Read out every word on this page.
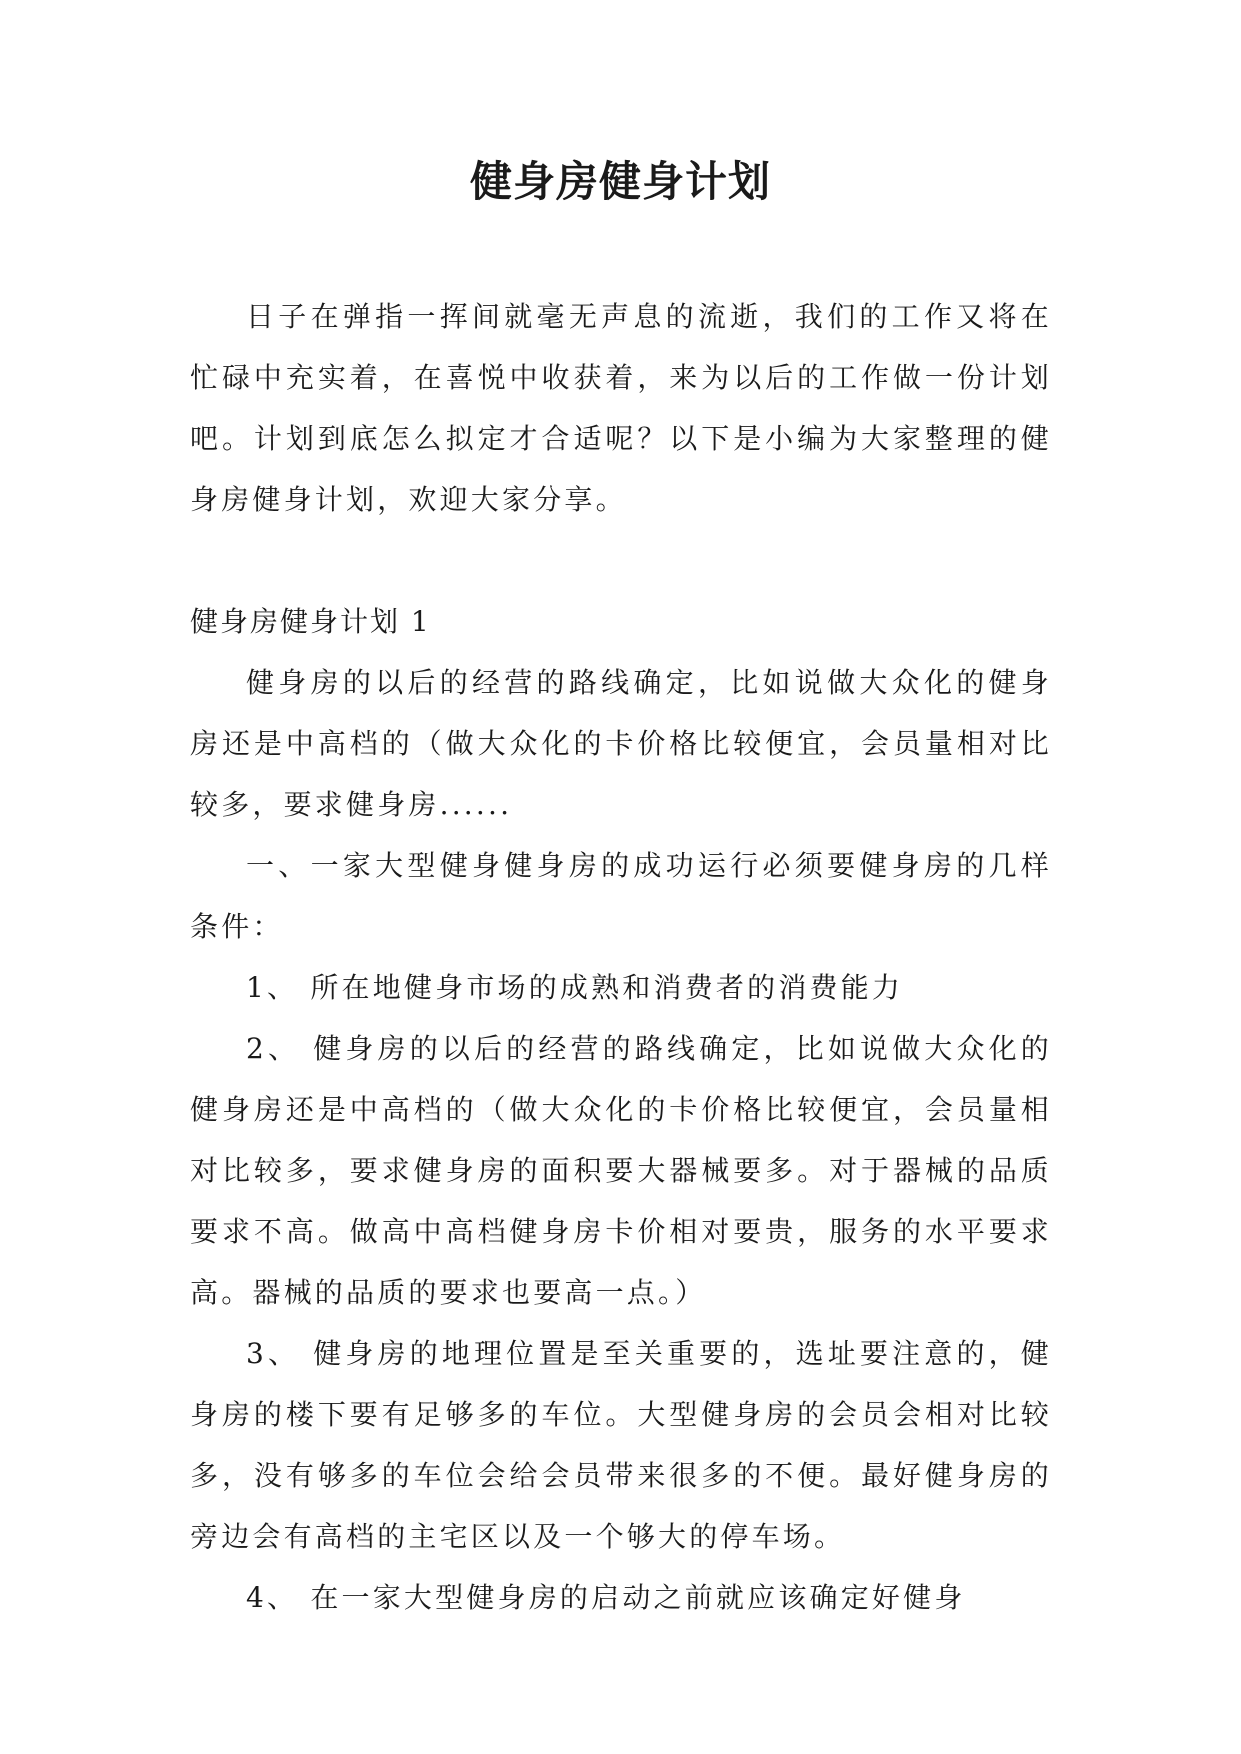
健身房健身计划

日子在弹指一挥间就毫无声息的流逝，我们的工作又将在忙碌中充实着，在喜悦中收获着，来为以后的工作做一份计划吧。计划到底怎么拟定才合适呢？以下是小编为大家整理的健身房健身计划，欢迎大家分享。

健身房健身计划 1

健身房的以后的经营的路线确定，比如说做大众化的健身房还是中高档的（做大众化的卡价格比较便宜，会员量相对比较多，要求健身房......

一、一家大型健身健身房的成功运行必须要健身房的几样条件：

1、 所在地健身市场的成熟和消费者的消费能力

2、 健身房的以后的经营的路线确定，比如说做大众化的健身房还是中高档的（做大众化的卡价格比较便宜，会员量相对比较多，要求健身房的面积要大器械要多。对于器械的品质要求不高。做高中高档健身房卡价相对要贵，服务的水平要求高。器械的品质的要求也要高一点。）

3、 健身房的地理位置是至关重要的，选址要注意的，健身房的楼下要有足够多的车位。大型健身房的会员会相对比较多，没有够多的车位会给会员带来很多的不便。最好健身房的旁边会有高档的主宅区以及一个够大的停车场。

4、 在一家大型健身房的启动之前就应该确定好健身
